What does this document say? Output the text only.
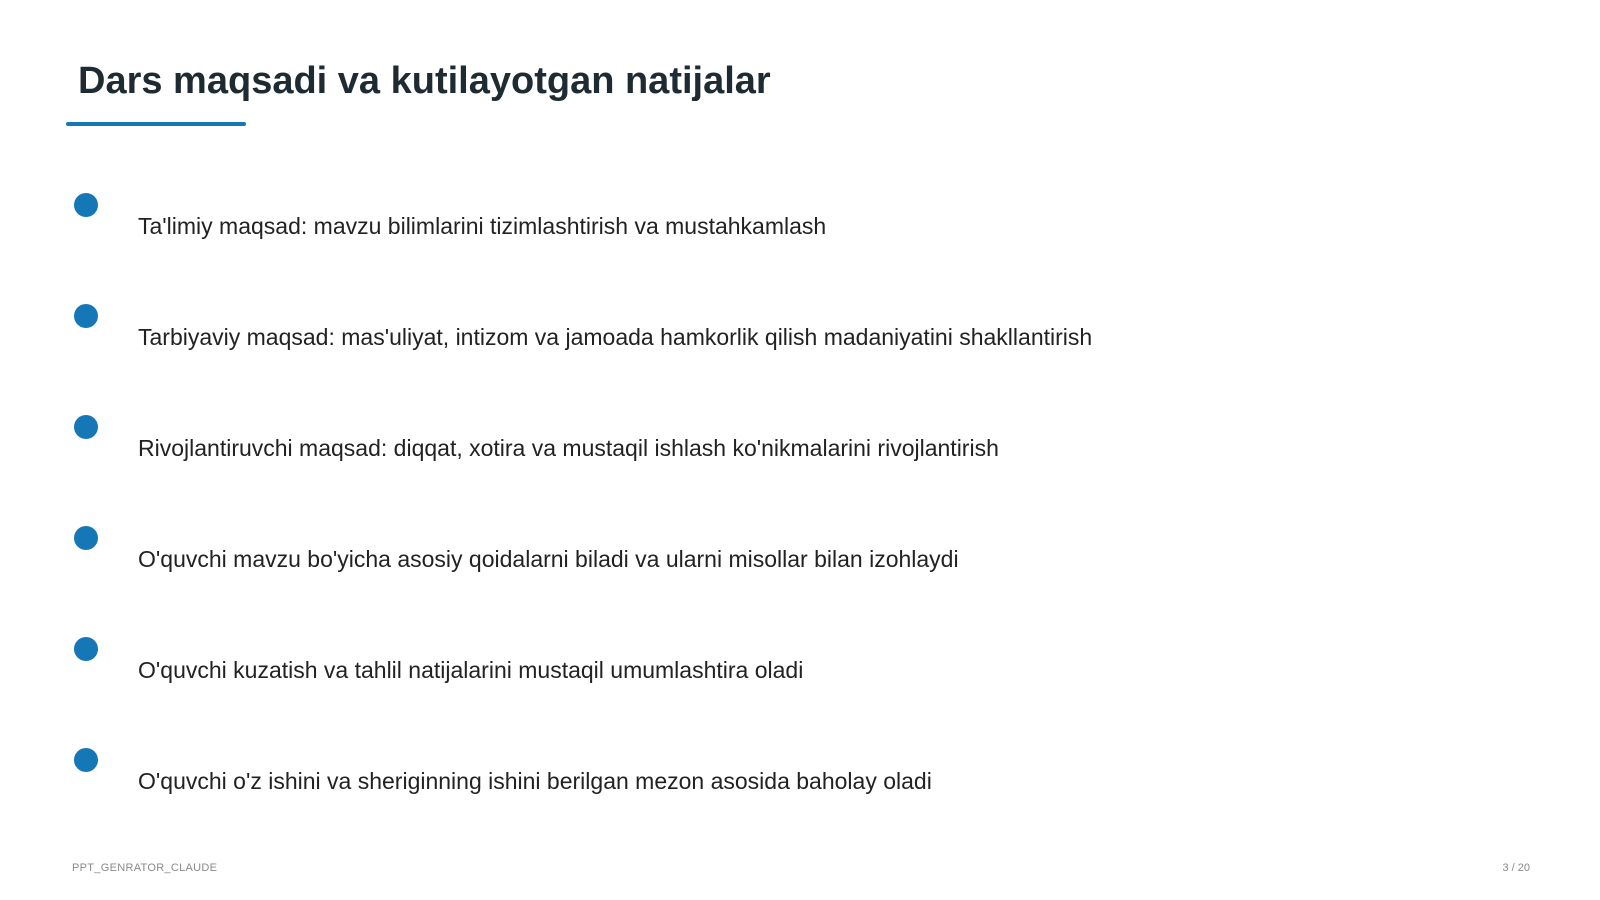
Dars maqsadi va kutilayotgan natijalar
Ta'limiy maqsad: mavzu bilimlarini tizimlashtirish va mustahkamlash
Tarbiyaviy maqsad: mas'uliyat, intizom va jamoada hamkorlik qilish madaniyatini shakllantirish
Rivojlantiruvchi maqsad: diqqat, xotira va mustaqil ishlash ko'nikmalarini rivojlantirish
O'quvchi mavzu bo'yicha asosiy qoidalarni biladi va ularni misollar bilan izohlaydi
O'quvchi kuzatish va tahlil natijalarini mustaqil umumlashtira oladi
O'quvchi o'z ishini va sheriginning ishini berilgan mezon asosida baholay oladi
PPT_GENRATOR_CLAUDE	3 / 20
